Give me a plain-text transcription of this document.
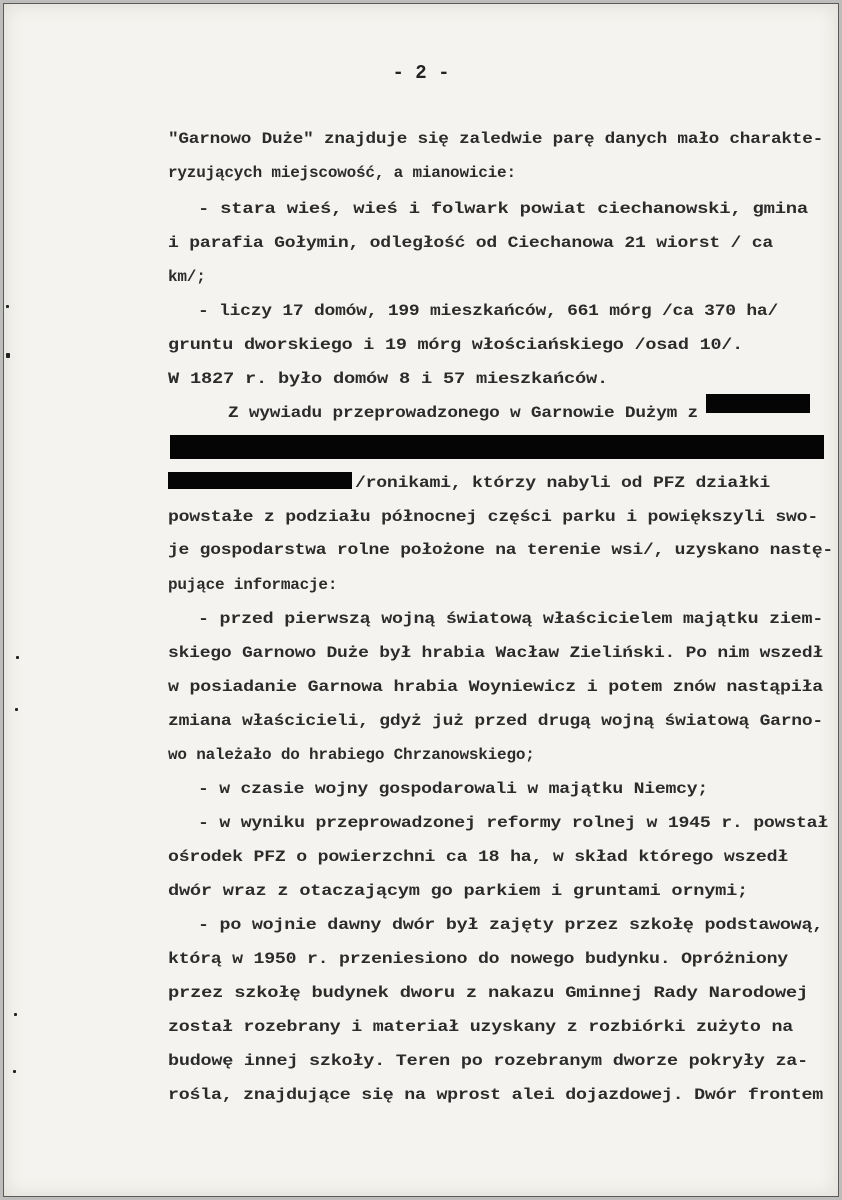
- 2 -
"Garnowo Duże" znajduje się zaledwie parę danych mało charakte-
ryzujących miejscowość, a mianowicie:
- stara wieś, wieś i folwark powiat ciechanowski, gmina
i parafia Gołymin, odległość od Ciechanowa 21 wiorst / ca
km/;
- liczy 17 domów, 199 mieszkańców, 661 mórg /ca 370 ha/
gruntu dworskiego i 19 mórg włościańskiego /osad 10/.
W 1827 r. było domów 8 i 57 mieszkańców.
Z wywiadu przeprowadzonego w Garnowie Dużym z
/ronikami, którzy nabyli od PFZ działki
powstałe z podziału północnej części parku i powiększyli swo-
je gospodarstwa rolne położone na terenie wsi/, uzyskano nastę-
pujące informacje:
- przed pierwszą wojną światową właścicielem majątku ziem-
skiego Garnowo Duże był hrabia Wacław Zieliński. Po nim wszedł
w posiadanie Garnowa hrabia Woyniewicz i potem znów nastąpiła
zmiana właścicieli, gdyż już przed drugą wojną światową Garno-
wo należało do hrabiego Chrzanowskiego;
- w czasie wojny gospodarowali w majątku Niemcy;
- w wyniku przeprowadzonej reformy rolnej w 1945 r. powstał
ośrodek PFZ o powierzchni ca 18 ha, w skład którego wszedł
dwór wraz z otaczającym go parkiem i gruntami ornymi;
- po wojnie dawny dwór był zajęty przez szkołę podstawową,
którą w 1950 r. przeniesiono do nowego budynku. Opróżniony
przez szkołę budynek dworu z nakazu Gminnej Rady Narodowej
został rozebrany i materiał uzyskany z rozbiórki zużyto na
budowę innej szkoły. Teren po rozebranym dworze pokryły za-
rośla, znajdujące się na wprost alei dojazdowej. Dwór frontem
